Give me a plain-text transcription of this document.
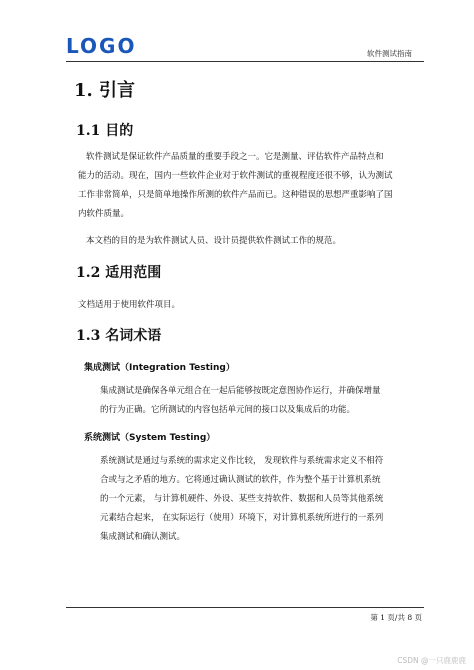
LOGO	软件测试指南
1. 引言
1.1 目的
软件测试是保证软件产品质量的重要手段之一。它是测量、评估软件产品特点和
能力的活动。现在，国内一些软件企业对于软件测试的重视程度还很不够，认为测试
工作非常简单，只是简单地操作所测的软件产品而已。这种错误的思想严重影响了国
内软件质量。
本文档的目的是为软件测试人员、设计员提供软件测试工作的规范。
1.2 适用范围
文档适用于使用软件项目。
1.3 名词术语
集成测试（Integration Testing）
集成测试是确保各单元组合在一起后能够按既定意图协作运行，并确保增量
的行为正确。它所测试的内容包括单元间的接口以及集成后的功能。
系统测试（System Testing）
系统测试是通过与系统的需求定义作比较， 发现软件与系统需求定义不相符
合或与之矛盾的地方。它将通过确认测试的软件，作为整个基于计算机系统
的一个元素， 与计算机硬件、外设、某些支持软件、数据和人员等其他系统
元素结合起来， 在实际运行（使用）环境下，对计算机系统所进行的一系列
集成测试和确认测试。
第 1 页/共 8 页
CSDN @一只鹿鹿鹿
